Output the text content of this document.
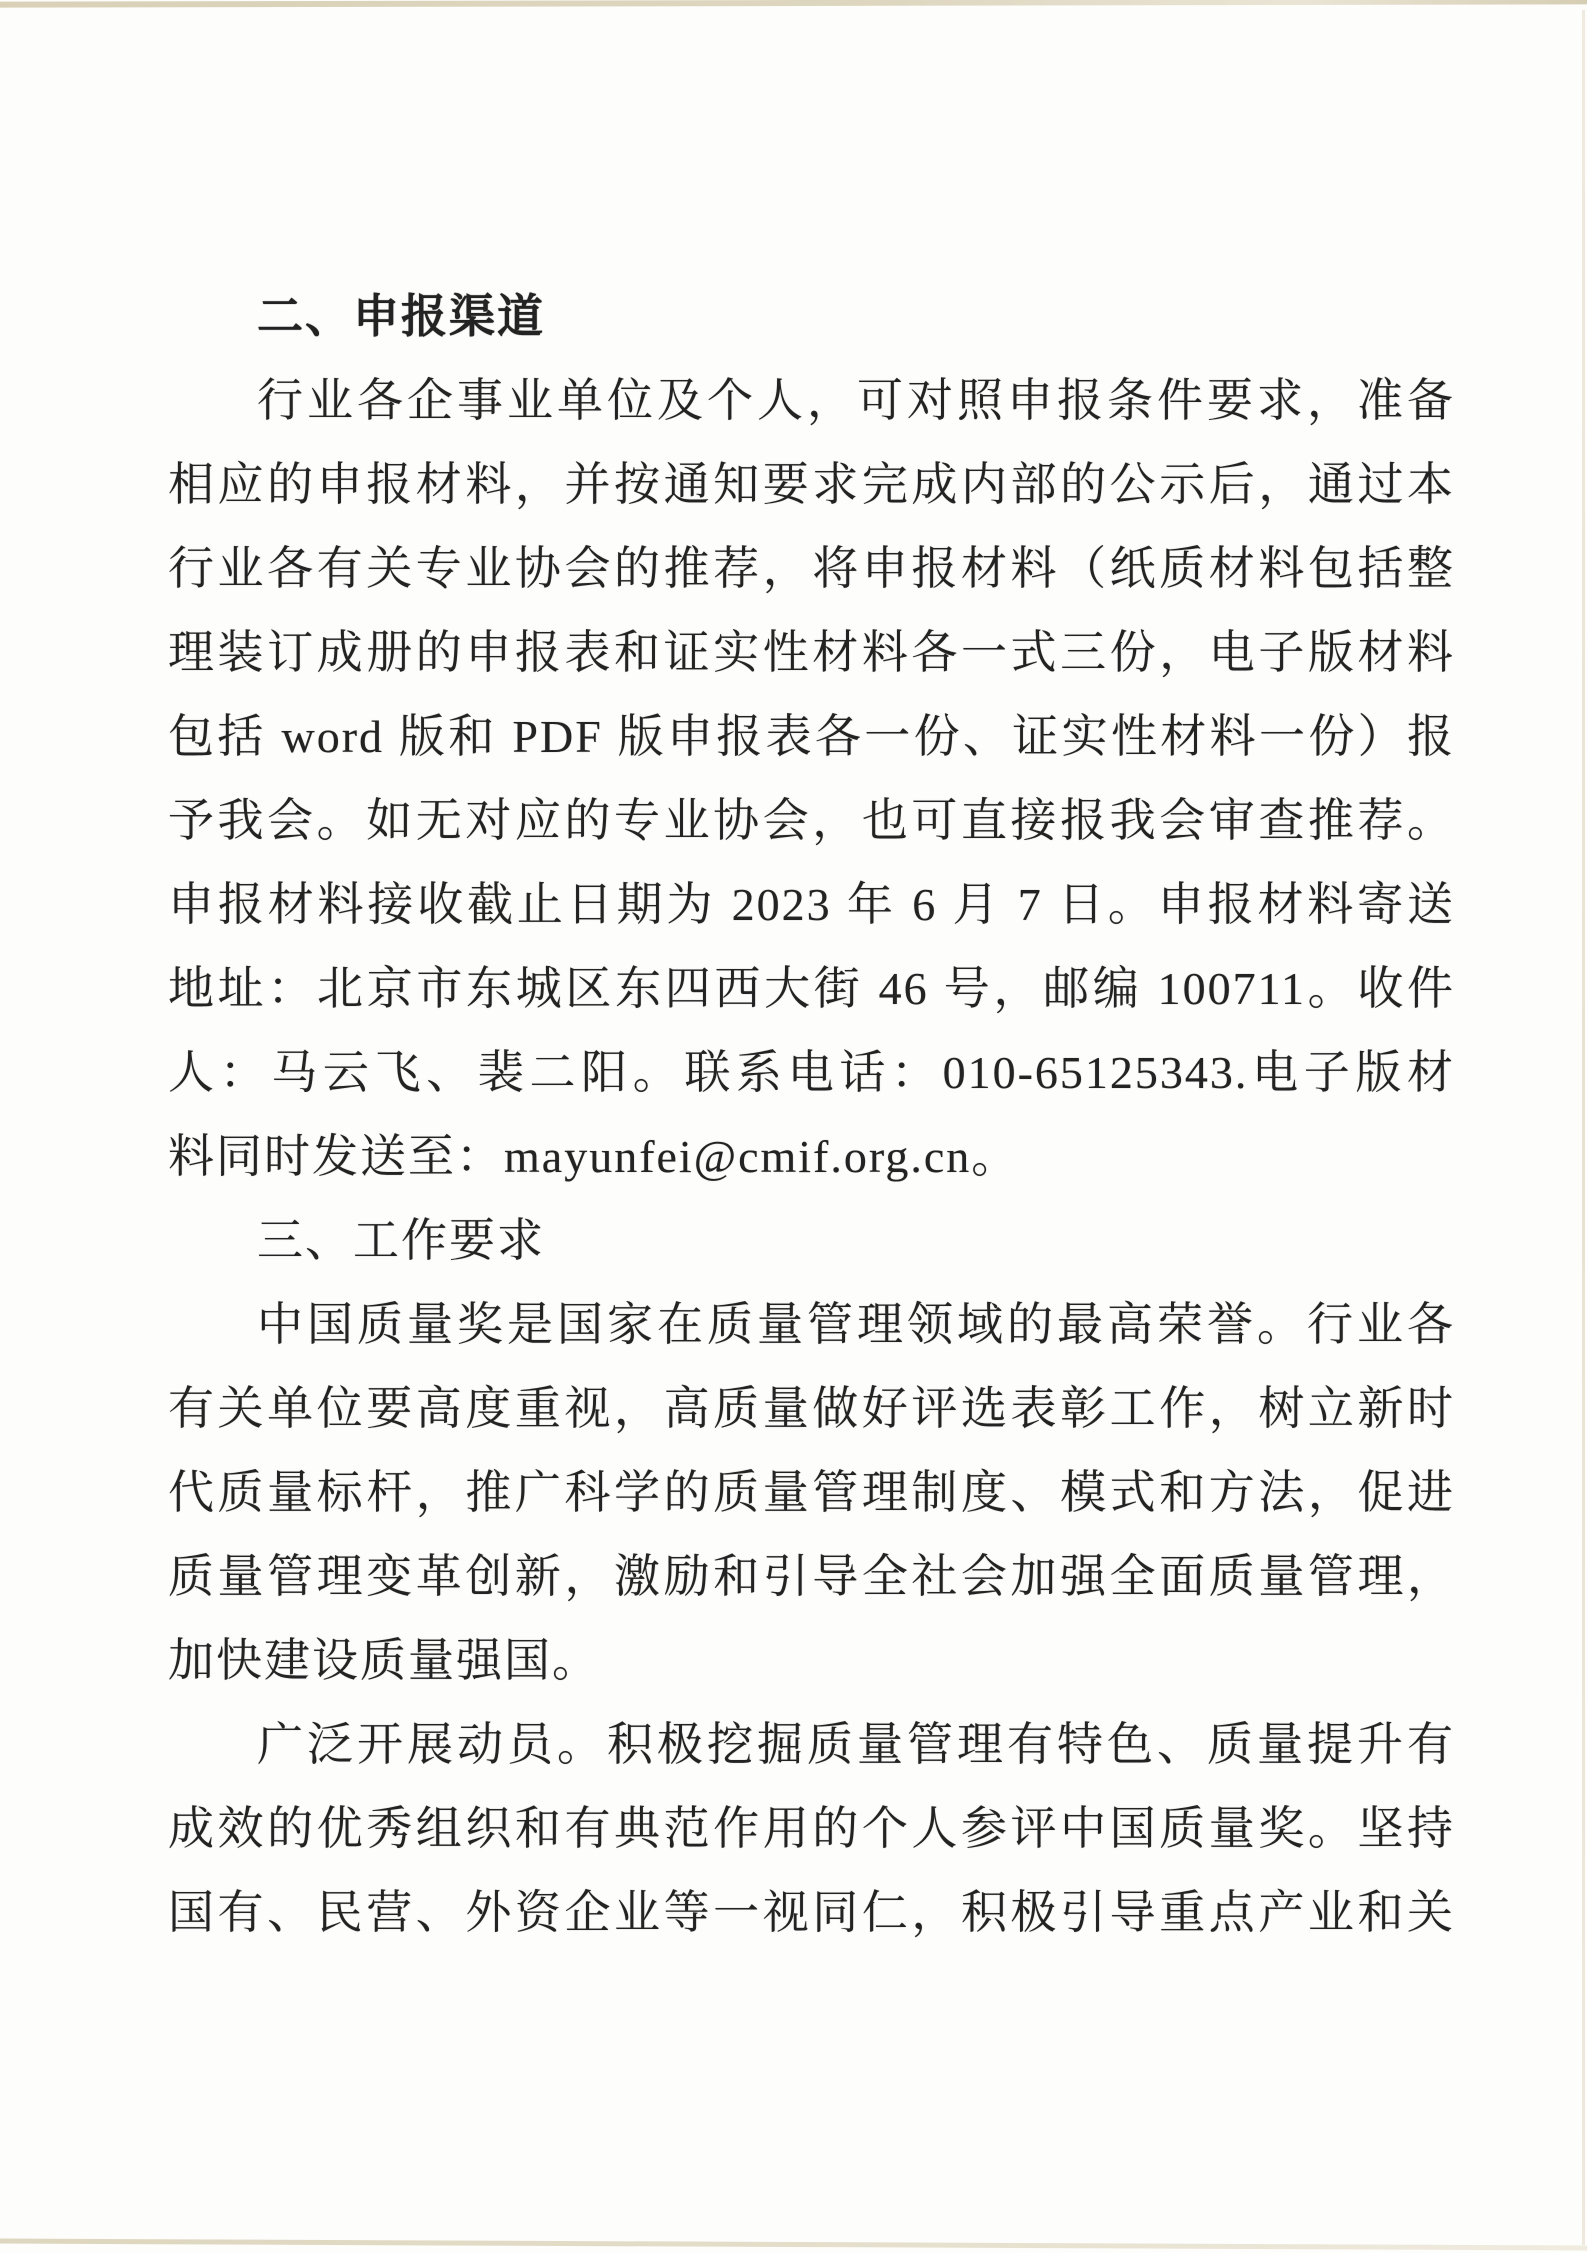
二、申报渠道
行业各企事业单位及个人，可对照申报条件要求，准备
相应的申报材料，并按通知要求完成内部的公示后，通过本
行业各有关专业协会的推荐，将申报材料（纸质材料包括整
理装订成册的申报表和证实性材料各一式三份，电子版材料
包括 word 版和 PDF 版申报表各一份、证实性材料一份）报
予我会。如无对应的专业协会，也可直接报我会审查推荐。
申报材料接收截止日期为 2023 年 6 月 7 日。申报材料寄送
地址：北京市东城区东四西大街 46 号，邮编 100711。收件
人：马云飞、裴二阳。联系电话：010-65125343.电子版材
料同时发送至：mayunfei@cmif.org.cn。
三、工作要求
中国质量奖是国家在质量管理领域的最高荣誉。行业各
有关单位要高度重视，高质量做好评选表彰工作，树立新时
代质量标杆，推广科学的质量管理制度、模式和方法，促进
质量管理变革创新，激励和引导全社会加强全面质量管理，
加快建设质量强国。
广泛开展动员。积极挖掘质量管理有特色、质量提升有
成效的优秀组织和有典范作用的个人参评中国质量奖。坚持
国有、民营、外资企业等一视同仁，积极引导重点产业和关
